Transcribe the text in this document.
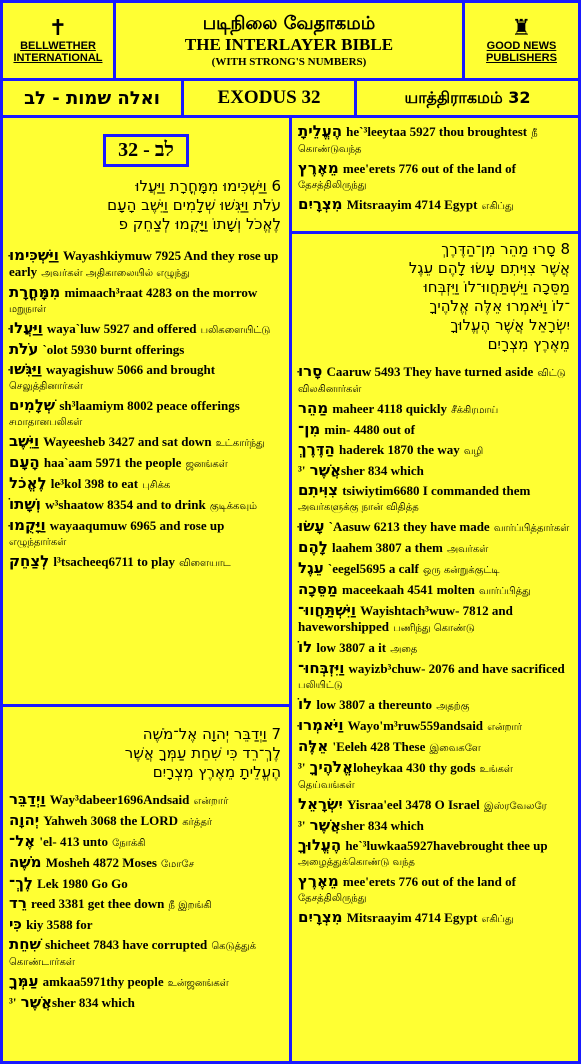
✝
BELLWETHER
INTERNATIONAL
படிநிலை வேதாகமம்
THE INTERLAYER BIBLE
(WITH STRONG'S NUMBERS)
♜
GOOD NEWS
PUBLISHERS
ואלה שמות - לב	EXODUS 32	யாத்திராகமம் 32
לב - 32
6 וַיַּשְׁכִּימוּ מִמָּחֳרָת וַיַּעֲלוּ
עֹלֹת וַיַּגִּשׁוּ שְׁלָמִים וַיֵּשֶׁב הָעָם
לֶאֱכֹל וְשָׁתוֹ וַיָּקֻמוּ לְצַחֵק פ
וַיַּשְׁכִּימוּ Wayashkiymuw 7925 And they rose up early அவர்கள் அதிகாலையில் எழுந்து
מִמָּחֳרָת mimaach³raat 4283 on the morrow மறுநாள்
וַיַּעֲלוּ waya`luw 5927 and offered பலிகளையிட்டு
עֹלֹת `olot 5930 burnt offerings
וַיַּגִּשׁוּ wayagishuw 5066 and brought செலுத்தினார்கள்
שְׁלָמִים sh³laamiym 8002 peace offerings சமாதானபலிகள்
וַיֵּשֶׁב Wayeesheb 3427 and sat down உட்கார்ந்து
הָעָם haa`aam 5971 the people ஜனங்கள்
לֶאֱכֹל le³kol 398 to eat புசிக்க
וְשָׁתוֹ w³shaatow 8354 and to drink குடிக்கவும்
וַיָּקֻמוּ wayaaqumuw 6965 and rose up எழுந்தார்கள்
לְצַחֵק l³tsacheeq6711 to play விளையாட
7 וַיְדַבֵּר יְהוָה אֶל־מֹשֶׁה
לֶךְ־רֵד כִּי שִׁחֵת עַמְּךָ אֲשֶׁר
הֶעֱלֵיתָ מֵאֶרֶץ מִצְרָיִם
וַיְדַבֵּר Way³dabeer1696Andsaid என்றார்
יְהוָה Yahweh 3068 the LORD கர்த்தர்
אֶל־ 'el- 413 unto நோக்கி
מֹשֶׁה Mosheh 4872 Moses மோசே
לֶךְ־ Lek 1980 Go Go
רֵד reed 3381 get thee down நீ இறங்கி
כִּי kiy 3588 for
שִׁחֵת shicheet 7843 have corrupted கெடுத்துக் கொண்டார்கள்
עַמְּךָ amkaa5971thy people உன்ஜனங்கள்
אֲשֶׁר '³sher 834 which
הֶעֱלֵיתָ he`³leeytaa 5927 thou broughtest நீ கொண்டுவந்த
מֵאֶרֶץ mee'erets 776 out of the land of தேசத்திலிருந்து
מִצְרָיִם Mitsraayim 4714 Egypt எகிப்து
8 סָרוּ מַהֵר מִן־הַדֶּרֶךְ
אֲשֶׁר צִוִּיתִם עָשׂוּ לָהֶם עֵגֶל
מַסֵּכָה וַיִּשְׁתַּחֲווּ־לוֹ וַיִּזְבְּחוּ
־לוֹ וַיֹּאמְרוּ אֵלֶּה אֱלֹהֶיךָ
יִשְׂרָאֵל אֲשֶׁר הֶעֱלוּךָ
מֵאֶרֶץ מִצְרָיִם
סָרוּ Caaruw 5493 They have turned aside விட்டு விலகினார்கள்
מַהֵר maheer 4118 quickly சீக்கிரமாய்
מִן־ min- 4480 out of
הַדֶּרֶךְ haderek 1870 the way வழி
אֲשֶׁר '³sher 834 which
צִוִּיתִם tsiwiytim6680 I commanded them அவர்களுக்கு நான் விதித்த
עָשׂוּ `Aasuw 6213 they have made வார்ப்பித்தார்கள்
לָהֶם laahem 3807 a them அவர்கள்
עֵגֶל `eegel5695 a calf ஒரு கன்றுக்குட்டி
מַסֵּכָה maceekaah 4541 molten வார்ப்பித்து
וַיִּשְׁתַּחֲווּ־ Wayishtach³wuw- 7812 and haveworshipped பணிந்து கொண்டு
לוֹ low 3807 a it அதை
וַיִּזְבְּחוּ־ wayizb³chuw- 2076 and have sacrificed பலியிட்டு
לוֹ low 3807 a thereunto அதற்கு
וַיֹּאמְרוּ Wayo'm³ruw559andsaid என்றார்
אֵלֶּה 'Eeleh 428 These இவைகளே
אֱלֹהֶיךָ '³loheykaa 430 thy gods உங்கள் தெய்வங்கள்
יִשְׂרָאֵל Yisraa'eel 3478 O Israel இஸ்ரவேலரே
אֲשֶׁר '³sher 834 which
הֶעֱלוּךָ he`³luwkaa5927havebrought thee up அழைத்துக்கொண்டு வந்த
מֵאֶרֶץ mee'erets 776 out of the land of தேசத்திலிருந்து
מִצְרָיִם Mitsraayim 4714 Egypt எகிப்து
